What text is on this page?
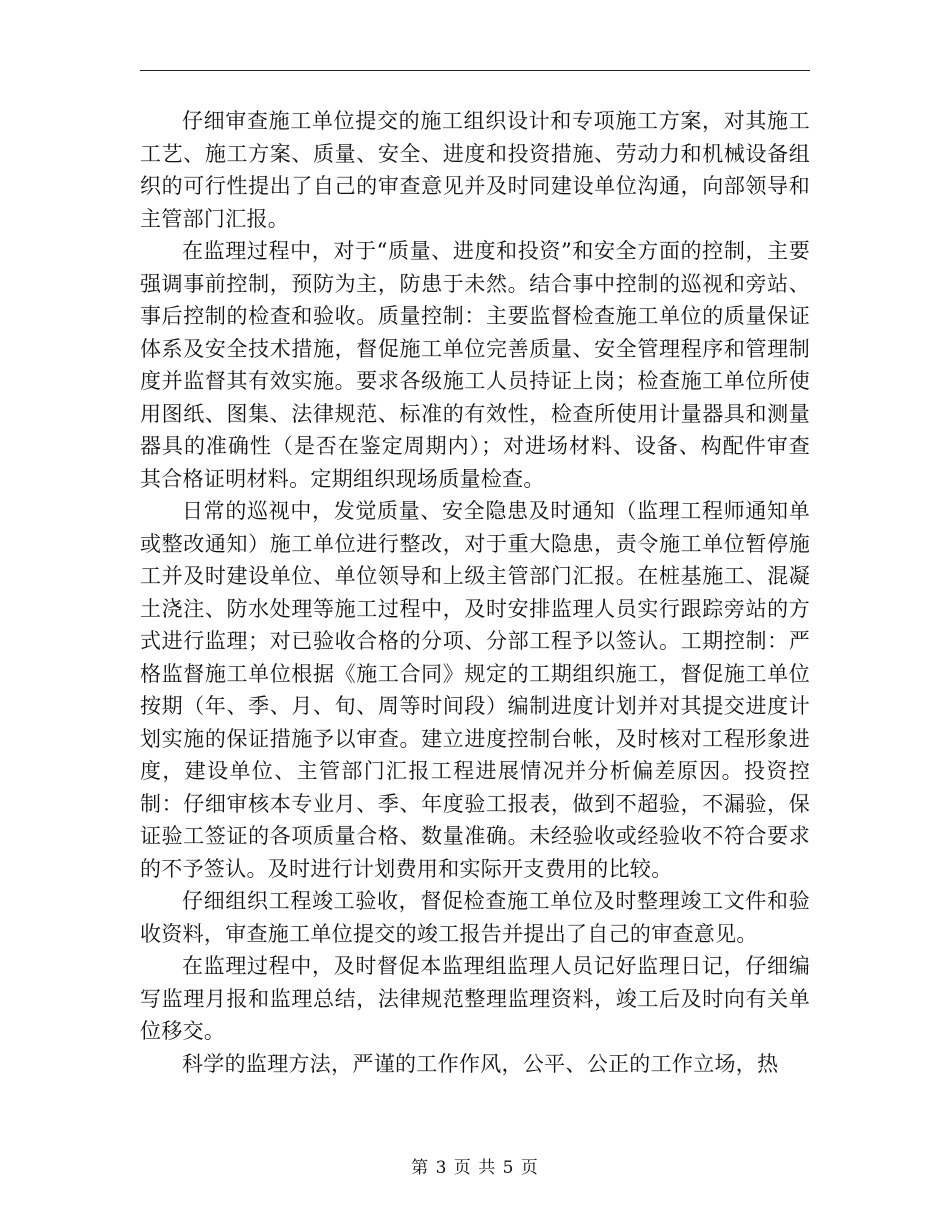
仔细审查施工单位提交的施工组织设计和专项施工方案，对其施工工艺、施工方案、质量、安全、进度和投资措施、劳动力和机械设备组织的可行性提出了自己的审查意见并及时同建设单位沟通，向部领导和主管部门汇报。

在监理过程中，对于“质量、进度和投资”和安全方面的控制，主要强调事前控制，预防为主，防患于未然。结合事中控制的巡视和旁站、事后控制的检查和验收。质量控制：主要监督检查施工单位的质量保证体系及安全技术措施，督促施工单位完善质量、安全管理程序和管理制度并监督其有效实施。要求各级施工人员持证上岗；检查施工单位所使用图纸、图集、法律规范、标准的有效性，检查所使用计量器具和测量器具的准确性（是否在鉴定周期内）；对进场材料、设备、构配件审查其合格证明材料。定期组织现场质量检查。

日常的巡视中，发觉质量、安全隐患及时通知（监理工程师通知单或整改通知）施工单位进行整改，对于重大隐患，责令施工单位暂停施工并及时建设单位、单位领导和上级主管部门汇报。在桩基施工、混凝土浇注、防水处理等施工过程中，及时安排监理人员实行跟踪旁站的方式进行监理；对已验收合格的分项、分部工程予以签认。工期控制：严格监督施工单位根据《施工合同》规定的工期组织施工，督促施工单位按期（年、季、月、旬、周等时间段）编制进度计划并对其提交进度计划实施的保证措施予以审查。建立进度控制台帐，及时核对工程形象进度，建设单位、主管部门汇报工程进展情况并分析偏差原因。投资控制：仔细审核本专业月、季、年度验工报表，做到不超验，不漏验，保证验工签证的各项质量合格、数量准确。未经验收或经验收不符合要求的不予签认。及时进行计划费用和实际开支费用的比较。

仔细组织工程竣工验收，督促检查施工单位及时整理竣工文件和验收资料，审查施工单位提交的竣工报告并提出了自己的审查意见。

在监理过程中，及时督促本监理组监理人员记好监理日记，仔细编写监理月报和监理总结，法律规范整理监理资料，竣工后及时向有关单位移交。

科学的监理方法，严谨的工作作风，公平、公正的工作立场，热

第 3 页 共 5 页
